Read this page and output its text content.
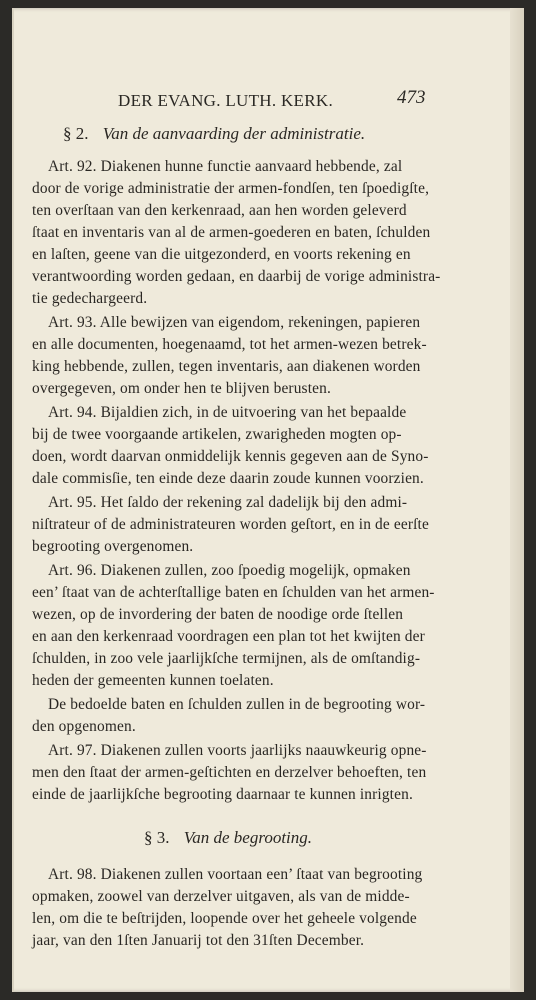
DER EVANG. LUTH. KERK.	473
§ 2. Van de aanvaarding der administratie.
Art. 92. Diakenen hunne functie aanvaard hebbende, zal
door de vorige administratie der armen-fondſen, ten ſpoedigſte,
ten overſtaan van den kerkenraad, aan hen worden geleverd
ſtaat en inventaris van al de armen-goederen en baten, ſchulden
en laſten, geene van die uitgezonderd, en voorts rekening en
verantwoording worden gedaan, en daarbij de vorige administra-
tie gedechargeerd.
Art. 93. Alle bewijzen van eigendom, rekeningen, papieren
en alle documenten, hoegenaamd, tot het armen-wezen betrek-
king hebbende, zullen, tegen inventaris, aan diakenen worden
overgegeven, om onder hen te blijven berusten.
Art. 94. Bijaldien zich, in de uitvoering van het bepaalde
bij de twee voorgaande artikelen, zwarigheden mogten op-
doen, wordt daarvan onmiddelijk kennis gegeven aan de Syno-
dale commisſie, ten einde deze daarin zoude kunnen voorzien.
Art. 95. Het ſaldo der rekening zal dadelijk bij den admi-
niſtrateur of de administrateuren worden geſtort, en in de eerſte
begrooting overgenomen.
Art. 96. Diakenen zullen, zoo ſpoedig mogelijk, opmaken
een’ ſtaat van de achterſtallige baten en ſchulden van het armen-
wezen, op de invordering der baten de noodige orde ſtellen
en aan den kerkenraad voordragen een plan tot het kwijten der
ſchulden, in zoo vele jaarlijkſche termijnen, als de omſtandig-
heden der gemeenten kunnen toelaten.
De bedoelde baten en ſchulden zullen in de begrooting wor-
den opgenomen.
Art. 97. Diakenen zullen voorts jaarlijks naauwkeurig opne-
men den ſtaat der armen-geſtichten en derzelver behoeften, ten
einde de jaarlijkſche begrooting daarnaar te kunnen inrigten.
§ 3. Van de begrooting.
Art. 98. Diakenen zullen voortaan een’ ſtaat van begrooting
opmaken, zoowel van derzelver uitgaven, als van de midde-
len, om die te beſtrijden, loopende over het geheele volgende
jaar, van den 1ſten Januarij tot den 31ſten December.
